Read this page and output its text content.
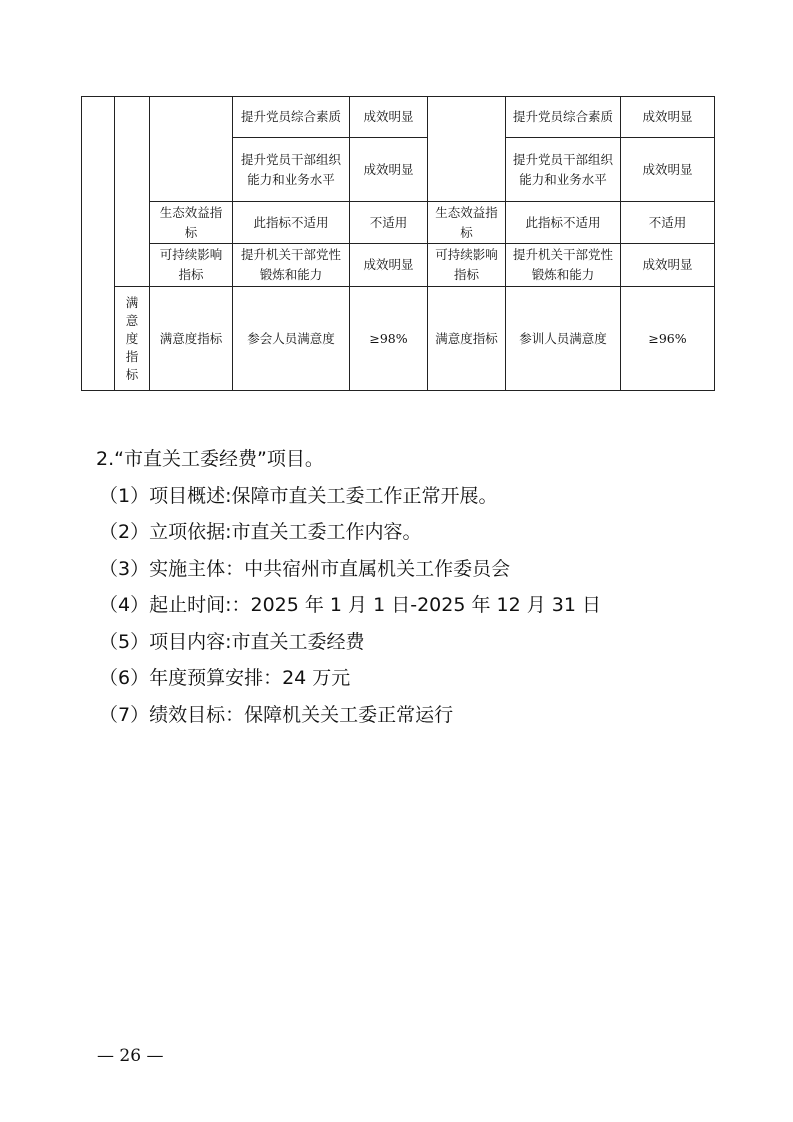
			提升党员综合素质	成效明显		提升党员综合素质	成效明显
			提升党员干部组织能力和业务水平	成效明显		提升党员干部组织能力和业务水平	成效明显
		生态效益指标	此指标不适用	不适用	生态效益指标	此指标不适用	不适用
		可持续影响指标	提升机关干部党性锻炼和能力	成效明显	可持续影响指标	提升机关干部党性锻炼和能力	成效明显

	满意度指标	满意度指标	参会人员满意度	≥98%	满意度指标	参训人员满意度	≥96%

2.“市直关工委经费”项目。

（1）项目概述:保障市直关工委工作正常开展。

（2）立项依据:市直关工委工作内容。

（3）实施主体：中共宿州市直属机关工作委员会

（4）起止时间:：2025 年 1 月 1 日-2025 年 12 月 31 日

（5）项目内容:市直关工委经费

（6）年度预算安排：24 万元

（7）绩效目标：保障机关关工委正常运行

— 26 —
